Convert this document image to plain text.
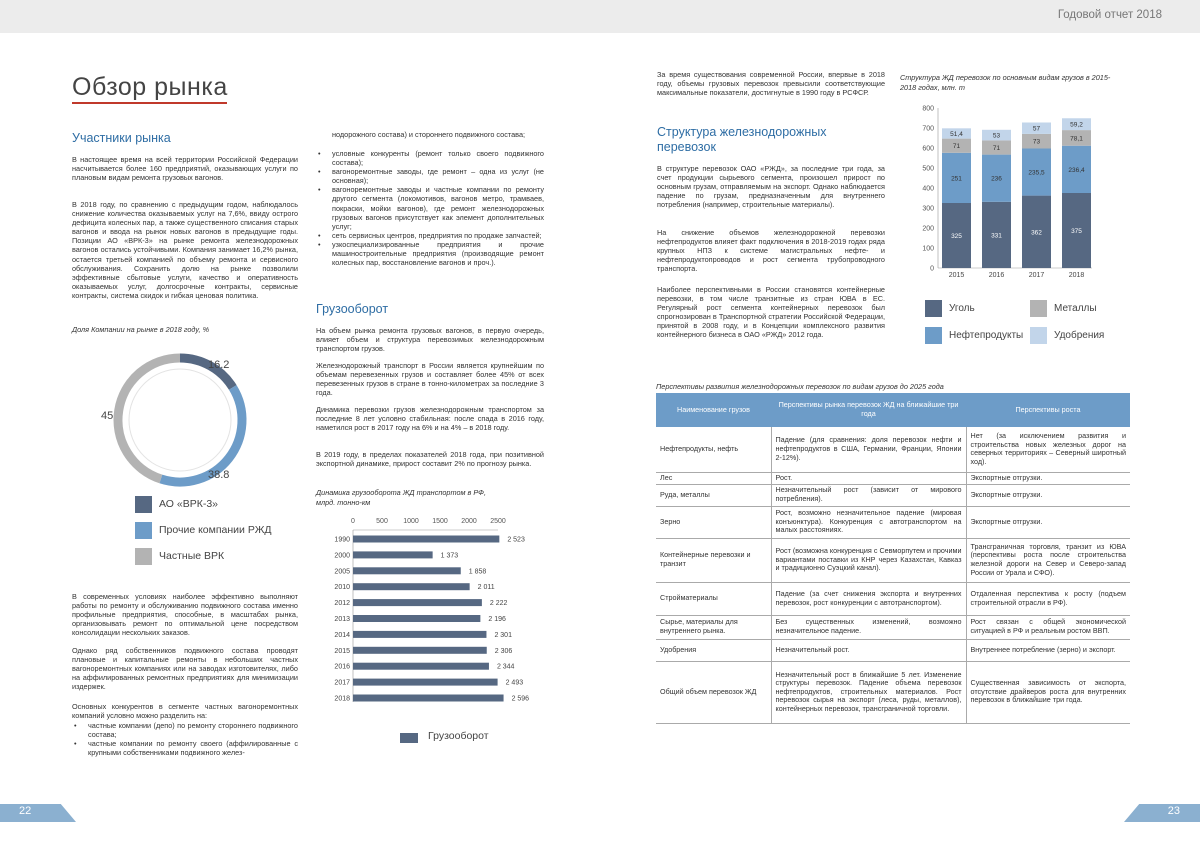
Годовой отчет 2018
22	23
Обзор рынка
Участники рынка

В настоящее время на всей территории Российской Федерации насчитывается более 160 предприятий, оказывающих услуги по плановым видам ремонта грузовых вагонов.

В 2018 году, по сравнению с предыдущим годом, наблюдалось снижение количества оказываемых услуг на 7,6%, ввиду острого дефицита колесных пар, а также существенного списания старых вагонов и ввода на рынок новых вагонов в предыдущие годы. Позиции АО «ВРК-3» на рынке ремонта железнодорожных вагонов остались устойчивыми. Компания занимает 16,2% рынка, остается третьей компанией по объему ремонта и сервисного обслуживания. Сохранить долю на рынке позволили эффективные сбытовые услуги, качество и оперативность оказываемых услуг, долгосрочные контракты, сервисные контракты, система скидок и гибкая ценовая политика.

Доля Компании на рынке в 2018 году, %

16.2
38.8
45
АО «ВРК-3»
Прочие компании РЖД
Частные ВРК

В современных условиях наиболее эффективно выполняют работы по ремонту и обслуживанию подвижного состава именно профильные предприятия, способные, в масштабах рынка, организовывать ремонт по оптимальной цене посредством консолидации нескольких заказов.

Однако ряд собственников подвижного состава проводят плановые и капитальные ремонты в небольших частных вагоноремонтных компаниях или на заводах изготовителях, либо на аффилированных ремонтных предприятиях для минимизации издержек.

Основных конкурентов в сегменте частных вагоноремонтных компаний условно можно разделить на:

• частные компании (депо) по ремонту стороннего подвижного состава;
• частные компании по ремонту своего (аффилированные с крупными собственниками подвижного желез-

нодорожного состава) и стороннего подвижного состава;

• условные конкуренты (ремонт только своего подвижного состава);
• вагоноремонтные заводы, где ремонт – одна из услуг (не основная);
• вагоноремонтные заводы и частные компании по ремонту другого сегмента (локомотивов, вагонов метро, трамваев, покраски, мойки вагонов), где ремонт железнодорожных грузовых вагонов присутствует как элемент дополнительных услуг;
• сеть сервисных центров, предприятия по продаже запчастей;
• узкоспециализированные предприятия и прочие машиностроительные предприятия (производящие ремонт колесных пар, восстановление вагонов и проч.).
Грузооборот

На объем рынка ремонта грузовых вагонов, в первую очередь, влияет объем и структура перевозимых железнодорожным транспортом грузов.

Железнодорожный транспорт в России является крупнейшим по объемам перевезенных грузов и составляет более 45% от всех перевезенных грузов в стране в тонно-километрах за последние 3 года.

Динамика перевозки грузов железнодорожным транспортом за последние 8 лет условно стабильная: после спада в 2016 году, наметился рост в 2017 году на 6% и на 4% – в 2018 году.

В 2019 году, в пределах показателей 2018 года, при позитивной экспортной динамике, прирост составит 2% по прогнозу рынка.

Динамика грузооборота ЖД транспортом в РФ,

млрд. тонно-км

0	500 1000 1500 2000 2500
1990	2 523
2000	1 373
2005	1 858
2010	2 011
2012	2 222
2013	2 196
2014	2 301
2015	2 306
2016	2 344
2017	2 493
2018	2 596
Грузооборот

За время существования современной России, впервые в 2018 году, объемы грузовых перевозок превысили соответствующие максимальные показатели, достигнутые в 1990 году в РСФСР.

Структура железнодорожных
перевозок

В структуре перевозок ОАО «РЖД», за последние три года, за счет продукции сырьевого сегмента, произошел прирост по основным грузам, отправляемым на экспорт. Однако наблюдается падение по грузам, предназначенным для внутреннего потребления (например, строительные материалы).

На снижение объемов железнодорожной перевозки нефтепродуктов влияет факт подключения в 2018-2019 годах ряда крупных НПЗ к системе магистральных нефте- и нефтепродуктопроводов и рост сегмента трубопроводного транспорта.

Наиболее перспективными в России становятся контейнерные перевозки, в том числе транзитные из стран ЮВА в ЕС. Регулярный рост сегмента контейнерных перевозок был спрогнозирован в Транспортной стратегии Российской Федерации, принятой в 2008 году, и в Концепции комплексного развития контейнерного бизнеса в ОАО «РЖД» 2012 года.

Структура ЖД перевозок по основным видам грузов в 2015-

2018 годах, млн. т

0
100
200
300
400
500
600
700
800
325
251
71
51,4
2015
331
236
71
53
2016
362
235,5
73
57
2017
375
236,4
78,1
59,2
2018
Уголь	Металлы
Нефтепродукты	Удобрения

Перспективы развития железнодорожных перевозок по видам грузов до 2025 года

Наименование грузов	Перспективы рынка перевозок ЖД на ближайшие три года	Перспективы роста
Нефтепродукты, нефть	Падение (для сравнения: доля перевозок нефти и нефтепродуктов в США, Германии, Франции, Японии 2-12%).	Нет (за исключением развития и строительства новых железных дорог на северных территориях – Северный широтный ход).
Лес	Рост.	Экспортные отгрузки.
Руда, металлы	Незначительный рост (зависит от мирового потребления).	Экспортные отгрузки.
Зерно	Рост, возможно незначительное падение (мировая конъюнктура). Конкуренция с автотранспортом на малых расстояниях.	Экспортные отгрузки.
Контейнерные перевозки и транзит	Рост (возможна конкуренция с Севморпутем и прочими вариантами поставки из КНР через Казахстан, Кавказ и традиционно Суэцкий канал).	Трансграничная торговля, транзит из ЮВА (перспективы роста после строительства железной дороги на Север и Северо-запад России от Урала и СФО).
Стройматериалы	Падение (за счет снижения экспорта и внутренних перевозок, рост конкуренции с автотранспортом).	Отдаленная перспектива к росту (подъем строительной отрасли в РФ).
Сырье, материалы для внутреннего рынка.	Без существенных изменений, возможно незначительное падение.	Рост связан с общей экономической ситуацией в РФ и реальным ростом ВВП.
Удобрения	Незначительный рост.	Внутреннее потребление (зерно) и экспорт.
Общий объем перевозок ЖД	Незначительный рост в ближайшие 5 лет. Изменение структуры перевозок. Падение объема перевозок нефтепродуктов, строительных материалов. Рост перевозок сырья на экспорт (леса, руды, металлов), контейнерных перевозок, трансграничной торговли.	Существенная зависимость от экспорта, отсутствие драйверов роста для внутренних перевозок в ближайшие три года.
